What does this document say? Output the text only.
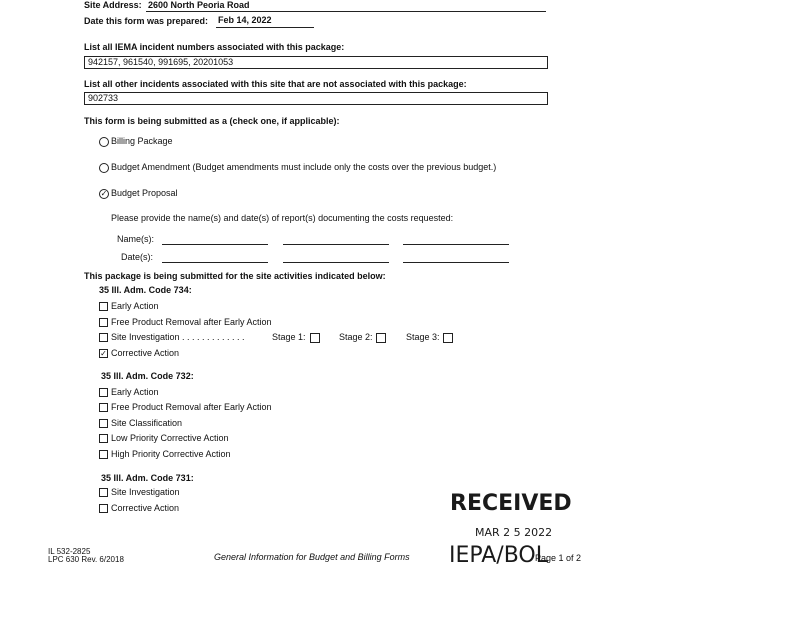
Site Address: 2600 North Peoria Road
Date this form was prepared: Feb 14, 2022
List all IEMA incident numbers associated with this package:
942157, 961540, 991695, 20201053
List all other incidents associated with this site that are not associated with this package:
902733
This form is being submitted as a (check one, if applicable):
Billing Package
Budget Amendment (Budget amendments must include only the costs over the previous budget.)
✓ Budget Proposal
Please provide the name(s) and date(s) of report(s) documenting the costs requested:
Name(s):
Date(s):
This package is being submitted for the site activities indicated below:
35 Ill. Adm. Code 734:
Early Action
Free Product Removal after Early Action
Site Investigation . . . . . . . . . . . . .	Stage 1:	Stage 2:	Stage 3:
✓ Corrective Action
35 Ill. Adm. Code 732:
Early Action
Free Product Removal after Early Action
Site Classification
Low Priority Corrective Action
High Priority Corrective Action
35 Ill. Adm. Code 731:
Site Investigation
Corrective Action	RECEIVED
MAR 2 5 2022
IEPA/BOL
IL 532-2825
LPC 630 Rev. 6/2018	General Information for Budget and Billing Forms	Page 1 of 2
